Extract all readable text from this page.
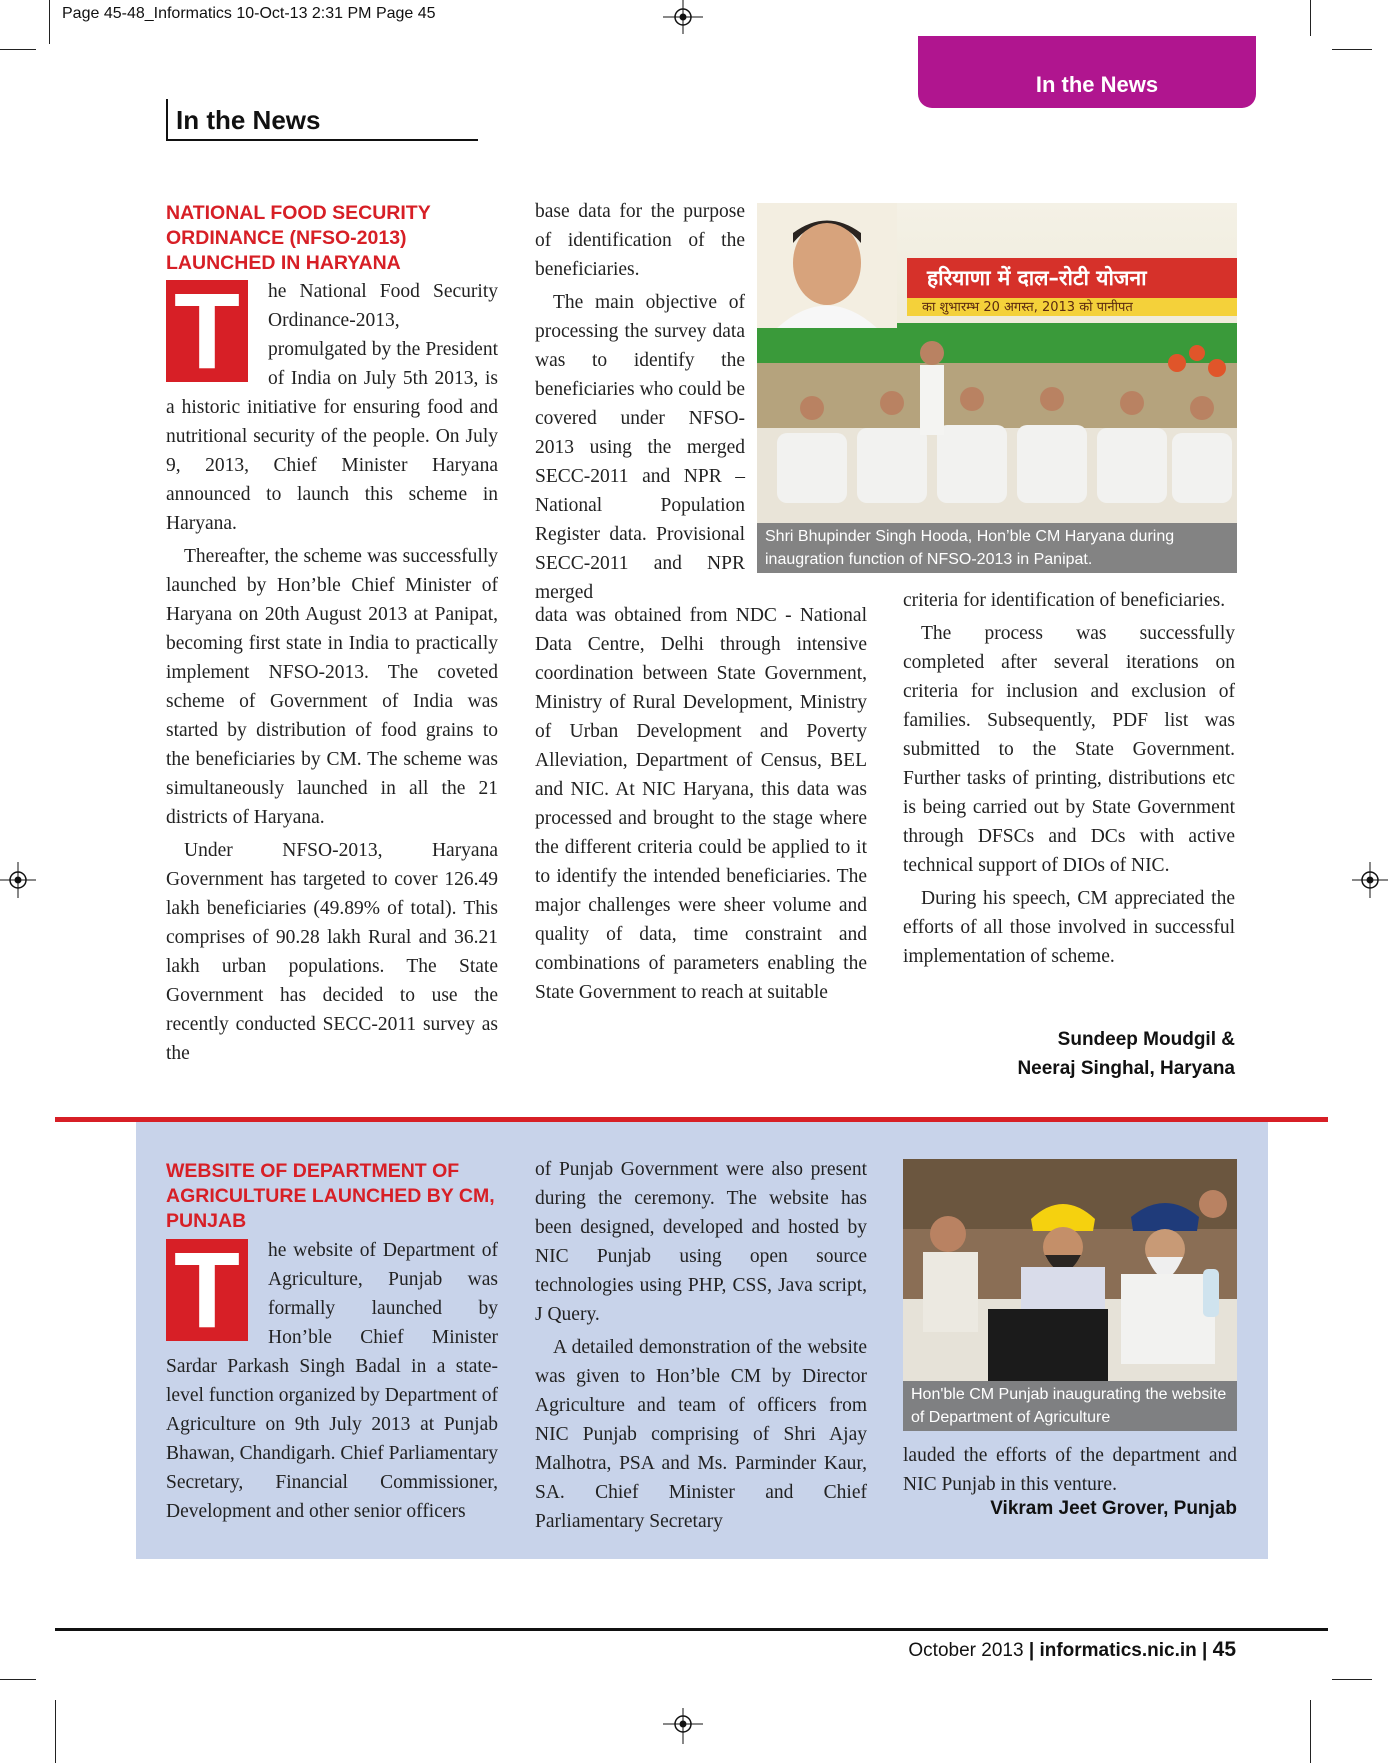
Page 45-48_Informatics 10-Oct-13 2:31 PM Page 45
In the News
In the News
NATIONAL FOOD SECURITY
ORDINANCE (NFSO-2013)
LAUNCHED IN HARYANA
T	he National Food Security Ordinance-2013, promulgated by the President of India on July 5th 2013, is a historic initiative for ensuring food and nutritional security of the people. On July 9, 2013, Chief Minister Haryana announced to launch this scheme in Haryana.

Thereafter, the scheme was successfully launched by Hon’ble Chief Minister of Haryana on 20th August 2013 at Panipat, becoming first state in India to practically implement NFSO-2013. The coveted scheme of Government of India was started by distribution of food grains to the beneficiaries by CM. The scheme was simultaneously launched in all the 21 districts of Haryana.

Under NFSO-2013, Haryana Government has targeted to cover 126.49 lakh beneficiaries (49.89% of total). This comprises of 90.28 lakh Rural and 36.21 lakh urban populations. The State Government has decided to use the recently conducted SECC-2011 survey as the

base data for the purpose of identification of the beneficiaries.

The main objective of processing the survey data was to identify the beneficiaries who could be covered under NFSO-2013 using the merged SECC-2011 and NPR – National Population Register data. Provisional SECC-2011 and NPR merged

data was obtained from NDC - National Data Centre, Delhi through intensive coordination between State Government, Ministry of Rural Development, Ministry of Urban Development and Poverty Alleviation, Department of Census, BEL and NIC. At NIC Haryana, this data was processed and brought to the stage where the different criteria could be applied to it to identify the intended beneficiaries. The major challenges were sheer volume and quality of data, time constraint and combinations of parameters enabling the State Government to reach at suitable

हरियाणा में दाल–रोटी योजना
का शुभारम्भ 20 अगस्त, 2013 को पानीपत
Shri Bhupinder Singh Hooda, Hon’ble CM Haryana during inaugration function of NFSO-2013 in Panipat.

criteria for identification of beneficiaries.

The process was successfully completed after several iterations on criteria for inclusion and exclusion of families. Subsequently, PDF list was submitted to the State Government. Further tasks of printing, distributions etc is being carried out by State Government through DFSCs and DCs with active technical support of DIOs of NIC.

During his speech, CM appreciated the efforts of all those involved in successful implementation of scheme.

Sundeep Moudgil &
Neeraj Singhal, Haryana
WEBSITE OF DEPARTMENT OF
AGRICULTURE LAUNCHED BY CM,
PUNJAB
T	he website of Department of Agriculture, Punjab was formally launched by Hon’ble Chief Minister Sardar Parkash Singh Badal in a state-level function organized by Department of Agriculture on 9th July 2013 at Punjab Bhawan, Chandigarh. Chief Parliamentary Secretary, Financial Commissioner, Development and other senior officers

of Punjab Government were also present during the ceremony. The website has been designed, developed and hosted by NIC Punjab using open source technologies using PHP, CSS, Java script, J Query.

A detailed demonstration of the website was given to Hon’ble CM by Director Agriculture and team of officers from NIC Punjab comprising of Shri Ajay Malhotra, PSA and Ms. Parminder Kaur, SA. Chief Minister and Chief Parliamentary Secretary

Hon'ble CM Punjab inaugurating the website of Department of Agriculture

lauded the efforts of the department and NIC Punjab in this venture.

Vikram Jeet Grover, Punjab
October 2013 | informatics.nic.in | 45
